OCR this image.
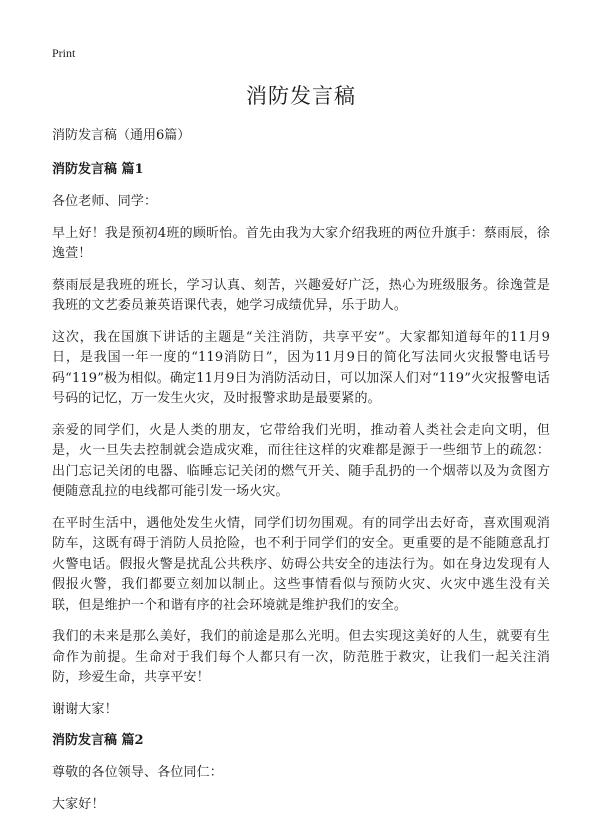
Print
消防发言稿
消防发言稿（通用6篇）
消防发言稿 篇1

各位老师、同学：

早上好！我是预初4班的顾昕怡。首先由我为大家介绍我班的两位升旗手：蔡雨辰，徐逸萱！

蔡雨辰是我班的班长，学习认真、刻苦，兴趣爱好广泛，热心为班级服务。徐逸萱是我班的文艺委员兼英语课代表，她学习成绩优异，乐于助人。

这次，我在国旗下讲话的主题是“关注消防，共享平安”。大家都知道每年的11月9日，是我国一年一度的“119消防日”，因为11月9日的简化写法同火灾报警电话号码“119”极为相似。确定11月9日为消防活动日，可以加深人们对“119”火灾报警电话号码的记忆，万一发生火灾，及时报警求助是最要紧的。

亲爱的同学们，火是人类的朋友，它带给我们光明，推动着人类社会走向文明，但是，火一旦失去控制就会造成灾难，而往往这样的灾难都是源于一些细节上的疏忽：出门忘记关闭的电器、临睡忘记关闭的燃气开关、随手乱扔的一个烟蒂以及为贪图方便随意乱拉的电线都可能引发一场火灾。

在平时生活中，遇他处发生火情，同学们切勿围观。有的同学出去好奇，喜欢围观消防车，这既有碍于消防人员抢险，也不利于同学们的安全。更重要的是不能随意乱打火警电话。假报火警是扰乱公共秩序、妨碍公共安全的违法行为。如在身边发现有人假报火警，我们都要立刻加以制止。这些事情看似与预防火灾、火灾中逃生没有关联，但是维护一个和谐有序的社会环境就是维护我们的安全。

我们的未来是那么美好，我们的前途是那么光明。但去实现这美好的人生，就要有生命作为前提。生命对于我们每个人都只有一次，防范胜于救灾，让我们一起关注消防，珍爱生命，共享平安！

谢谢大家！

消防发言稿 篇2

尊敬的各位领导、各位同仁：

大家好！
